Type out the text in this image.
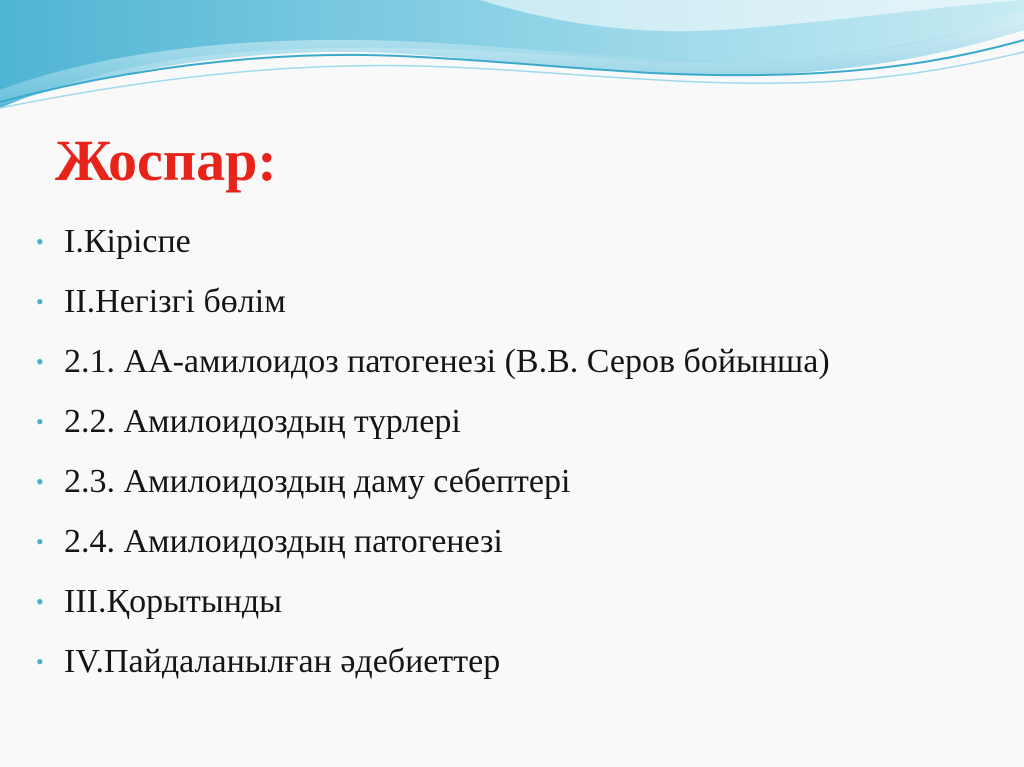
Жоспар:
• I.Кіріспе
• II.Негізгі бөлім
• 2.1. АА-амилоидоз патогенезі (В.В. Серов бойынша)
• 2.2. Амилоидоздың түрлері
• 2.3. Амилоидоздың даму себептері
• 2.4. Амилоидоздың патогенезі
• III.Қорытынды
• IV.Пайдаланылған әдебиеттер
